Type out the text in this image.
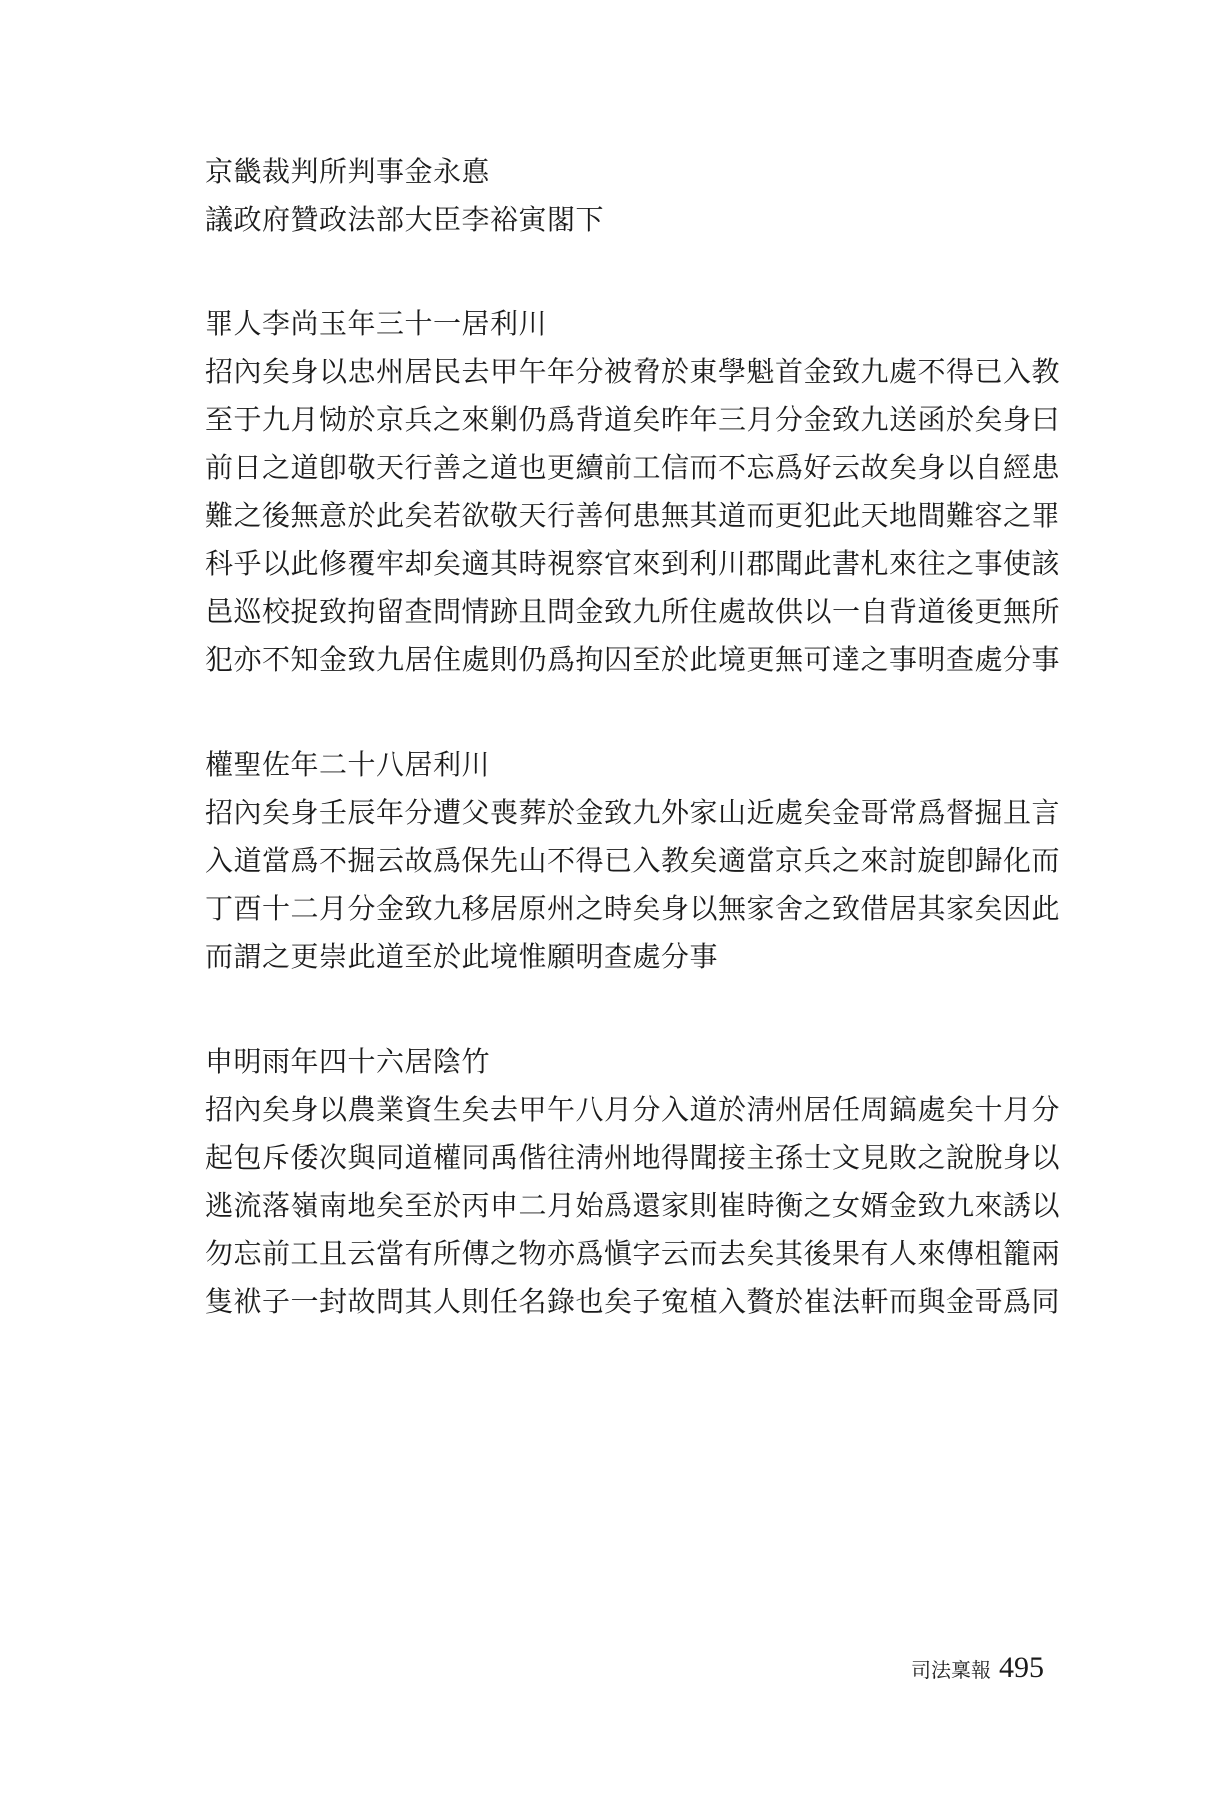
京畿裁判所判事金永悳
議政府贊政法部大臣李裕寅閣下
罪人李尚玉年三十一居利川
招內矣身以忠州居民去甲午年分被脅於東學魁首金致九處不得已入教
至于九月恸於京兵之來剿仍爲背道矣昨年三月分金致九送函於矣身曰
前日之道卽敬天行善之道也更續前工信而不忘爲好云故矣身以自經患
難之後無意於此矣若欲敬天行善何患無其道而更犯此天地間難容之罪
科乎以此修覆牢却矣適其時視察官來到利川郡聞此書札來往之事使該
邑巡校捉致拘留查問情跡且問金致九所住處故供以一自背道後更無所
犯亦不知金致九居住處則仍爲拘囚至於此境更無可達之事明查處分事
權聖佐年二十八居利川
招內矣身壬辰年分遭父喪葬於金致九外家山近處矣金哥常爲督掘且言
入道當爲不掘云故爲保先山不得已入教矣適當京兵之來討旋卽歸化而
丁酉十二月分金致九移居原州之時矣身以無家舍之致借居其家矣因此
而謂之更崇此道至於此境惟願明查處分事
申明雨年四十六居陰竹
招內矣身以農業資生矣去甲午八月分入道於淸州居任周鎬處矣十月分
起包斥倭次與同道權同禹偕往淸州地得聞接主孫士文見敗之說脫身以
逃流落嶺南地矣至於丙申二月始爲還家則崔時衡之女婿金致九來誘以
勿忘前工且云當有所傳之物亦爲愼字云而去矣其後果有人來傳柤籠兩
隻袱子一封故問其人則任名錄也矣子寃植入贅於崔法軒而與金哥爲同
司法稟報 495
